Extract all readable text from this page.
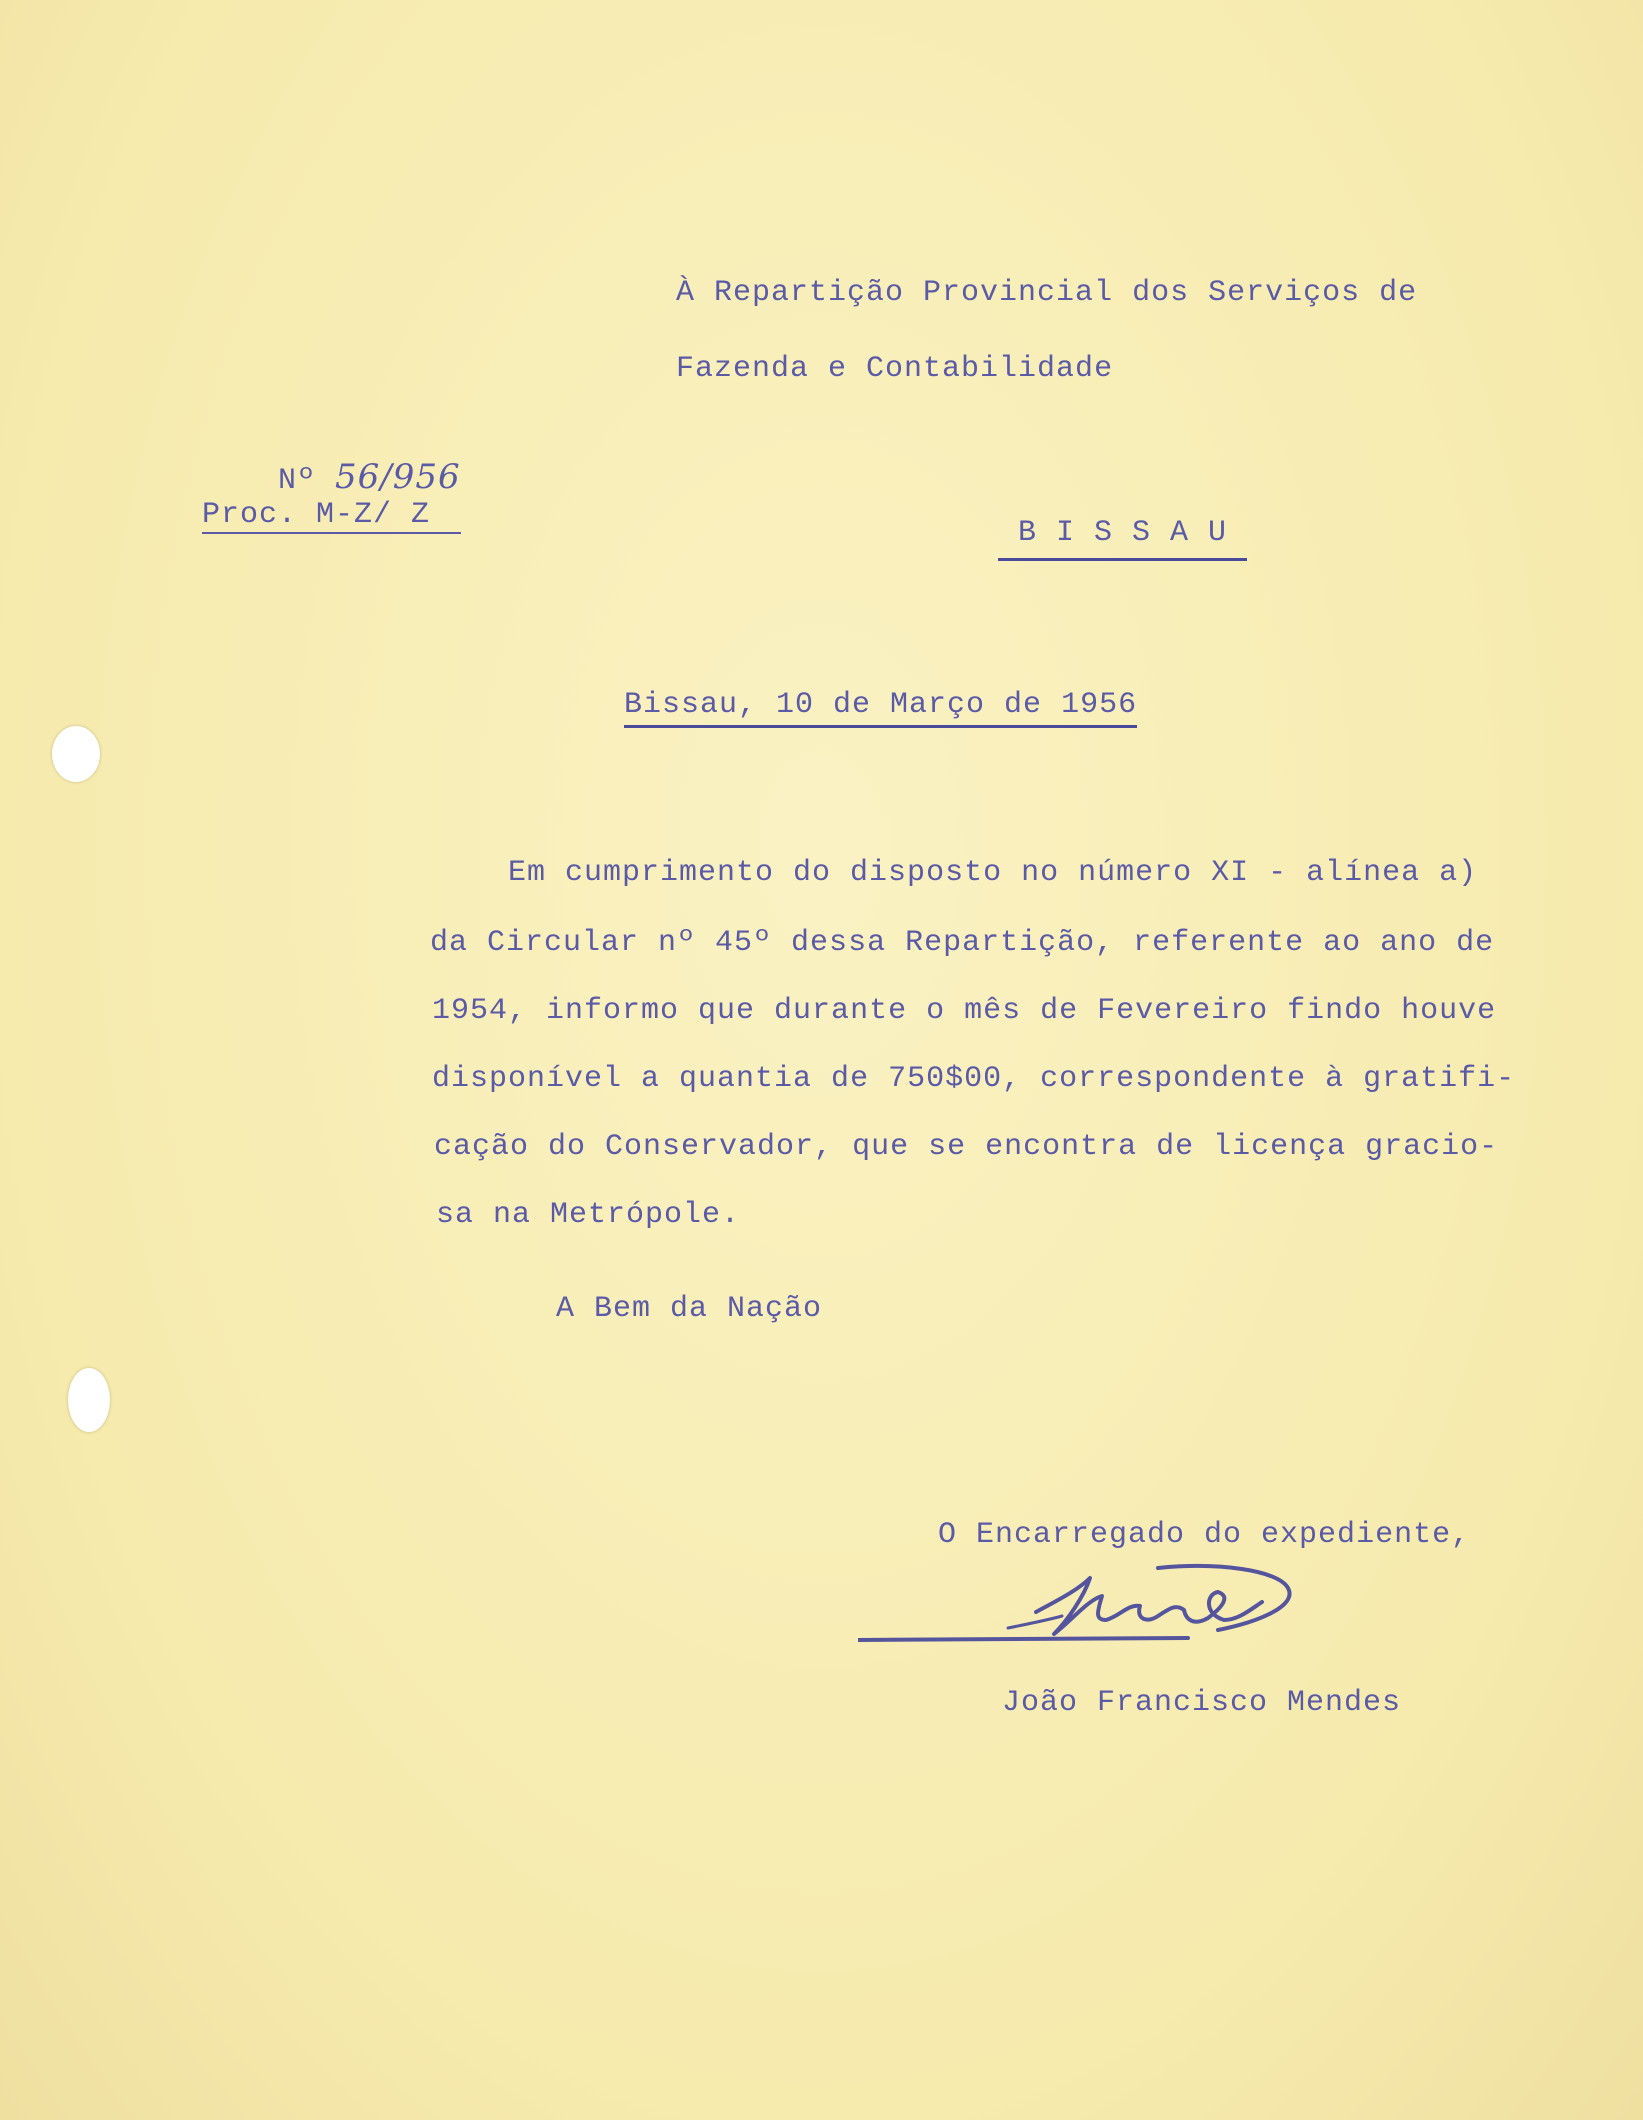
À Repartição Provincial dos Serviços de
Fazenda e Contabilidade

Nº 56/956

Proc. M-Z/ Z
B I S S A U
Bissau, 10 de Março de 1956
Em cumprimento do disposto no número XI - alínea a)
da Circular nº 45º dessa Repartição, referente ao ano de
1954, informo que durante o mês de Fevereiro findo houve
disponível a quantia de 750$00, correspondente à gratifi-
cação do Conservador, que se encontra de licença gracio-
sa na Metrópole.
A Bem da Nação
O Encarregado do expediente,
João Francisco Mendes
